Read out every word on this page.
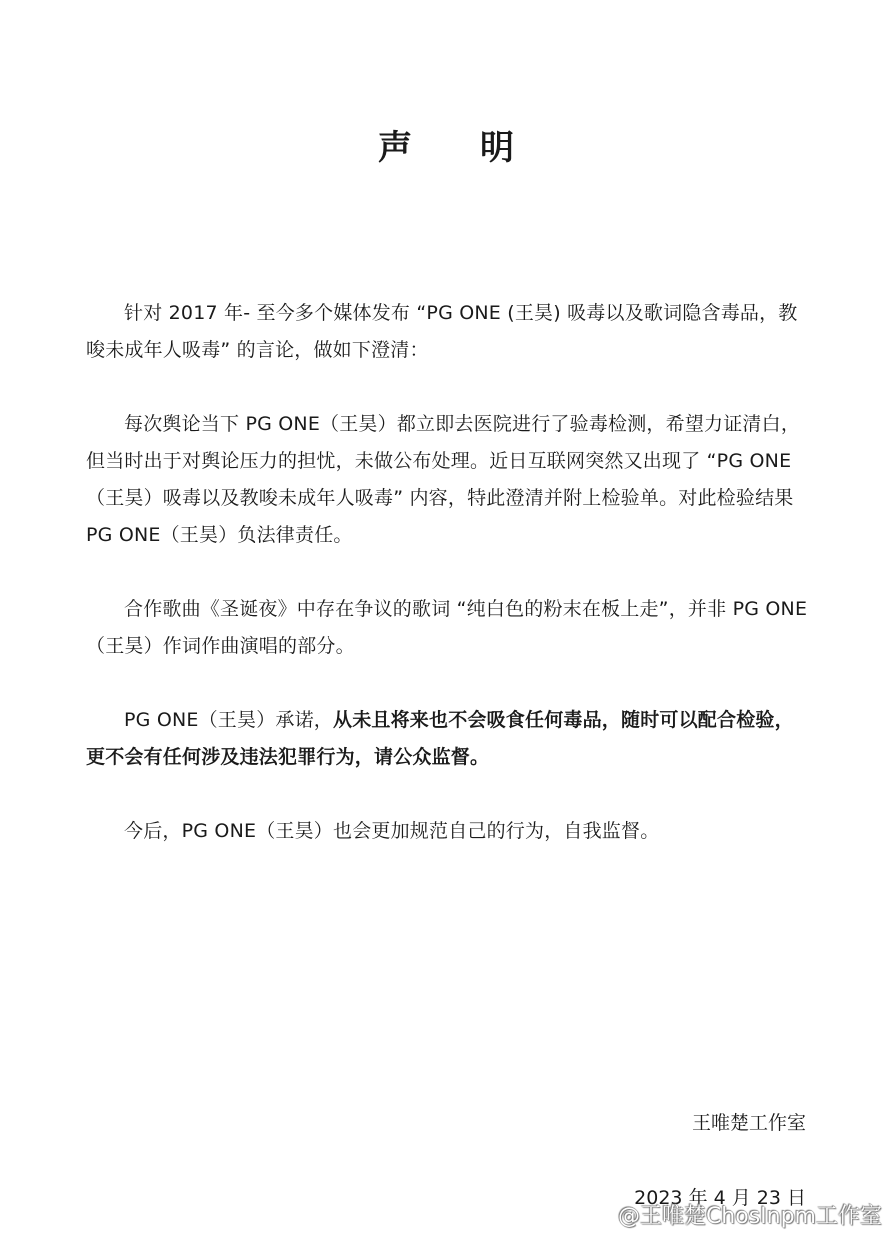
声　　明

针对 2017 年- 至今多个媒体发布 “PG ONE (王昊) 吸毒以及歌词隐含毒品，教唆未成年人吸毒” 的言论，做如下澄清：

每次舆论当下 PG ONE（王昊）都立即去医院进行了验毒检测，希望力证清白，但当时出于对舆论压力的担忧，未做公布处理。近日互联网突然又出现了 “PG ONE（王昊）吸毒以及教唆未成年人吸毒” 内容，特此澄清并附上检验单。对此检验结果 PG ONE（王昊）负法律责任。

合作歌曲《圣诞夜》中存在争议的歌词 “纯白色的粉末在板上走”，并非 PG ONE（王昊）作词作曲演唱的部分。

PG ONE（王昊）承诺，从未且将来也不会吸食任何毒品，随时可以配合检验，更不会有任何涉及违法犯罪行为，请公众监督。

今后，PG ONE（王昊）也会更加规范自己的行为，自我监督。

王唯楚工作室
2023 年 4 月 23 日
@王唯楚ChosInpm工作室
